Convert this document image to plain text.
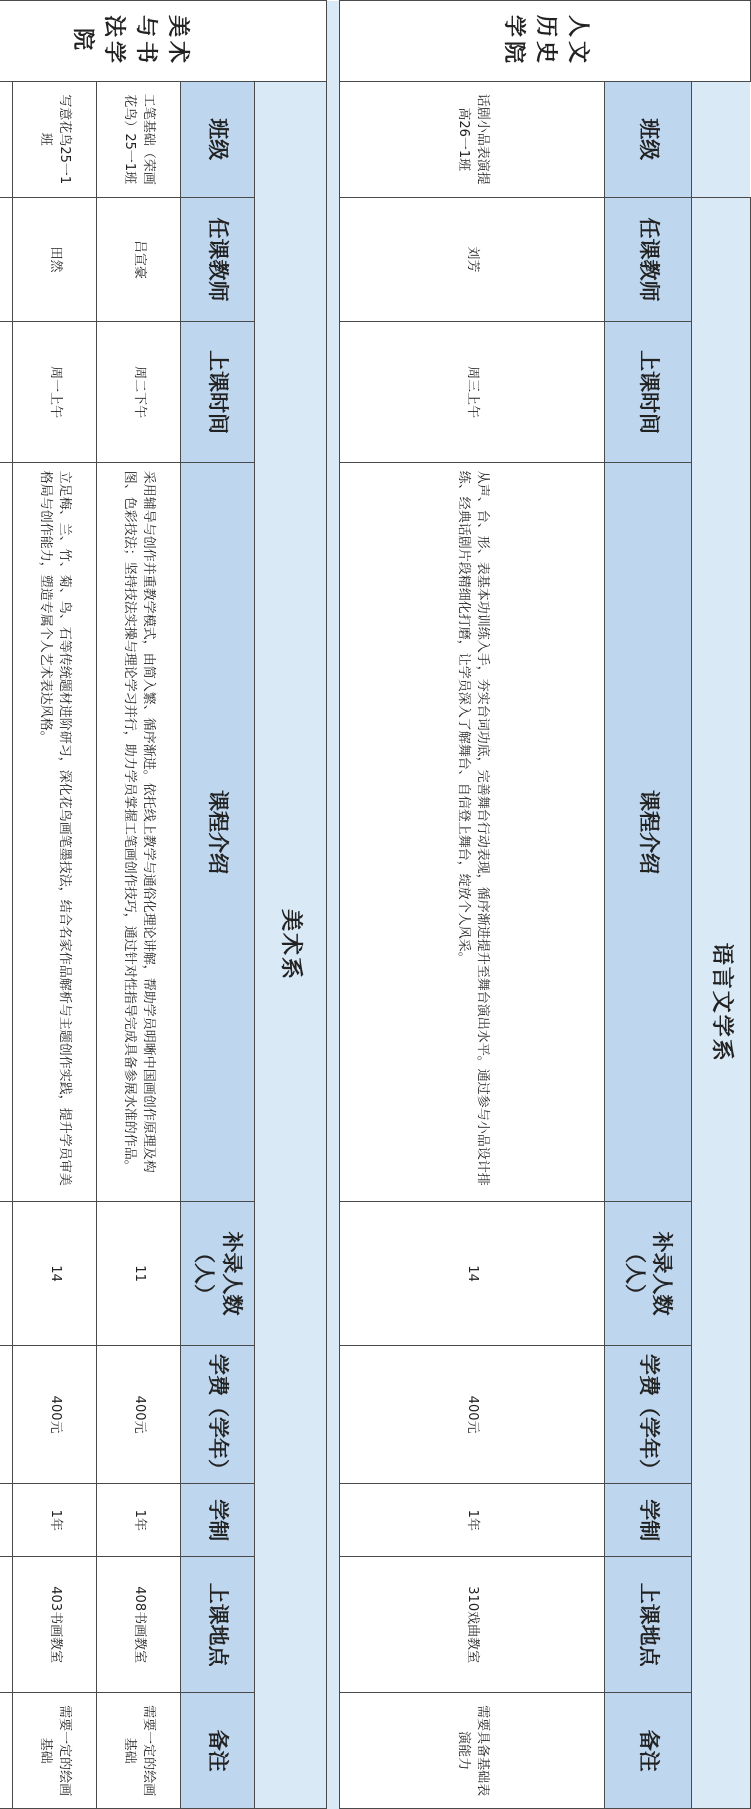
人文历史学院		语言文学系							

	班级	任课教师	上课时间	课程介绍	补录人数（人）	学费（学年）	学制	上课地点	备注
	话剧小品表演提高26一1班	刘芳	周三上午	从声、台、形、表基本功训练入手，夯实台词功底，完善舞台行动表现，循序渐进提升至舞台演出水平。通过参与小品设计排练、经典话剧片段精细化打磨，让学员深入了解舞台、自信登上舞台，绽放个人风采。	14	400元	1年	310戏曲教室	需要具备基础表演能力

美术与书法学院	美术系								
	班级	任课教师	上课时间	课程介绍	补录人数（人）	学费（学年）	学制	上课地点	备注
	工笔基础（荣画花鸟）25一1班	吕宣豪	周二下午	采用辅导与创作并重教学模式，由简入繁、循序渐进。依托线上教学与通俗化理论讲解，帮助学员明晰中国画创作原理及构图、色彩技法；坚持技法实操与理论学习并行，助力学员掌握工笔画创作技巧，通过针对性指导完成具备参展水准的作品。	11	400元	1年	408书画教室	需要一定的绘画基础
	写意花鸟25一1班	田然	周一上午	立足梅、兰、竹、菊、鸟、石等传统题材进阶研习，深化花鸟画笔墨技法，结合名家作品解析与主题创作实践，提升学员审美格局与创作能力，塑造专属个人艺术表达风格。	14	400元	1年	403书画教室	需要一定的绘画基础
